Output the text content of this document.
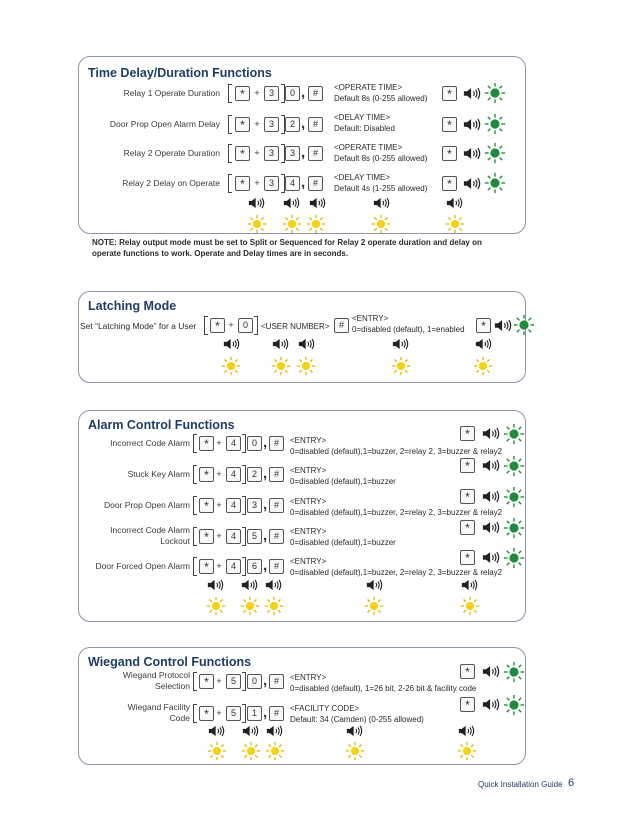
Time Delay/Duration Functions
Relay 1 Operate Duration	*	+	3	0 , #
<OPERATE TIME>
Default 8s (0-255 allowed)	*
Door Prop Open Alarm Delay	*	+	3	2 , #
<DELAY TIME>
Default: Disabled	*
Relay 2 Operate Duration	*	+	3	3 , #
<OPERATE TIME>
Default 8s (0-255 allowed)	*
Relay 2 Delay on Operate	*	+	3	4 , #
<DELAY TIME>
Default 4s (1-255 allowed)	*
NOTE: Relay output mode must be set to Split or Sequenced for Relay 2 operate duration and delay on
operate functions to work. Operate and Delay times are in seconds.
Latching Mode
Set “Latching Mode” for a User	* +	0	<USER NUMBER>	#
<ENTRY>
0=disabled (default), 1=enabled	*
Alarm Control Functions
Incorrect Code Alarm	* +	4	0 , #	<ENTRY>
0=disabled (default),1=buzzer, 2=relay 2, 3=buzzer & relay2
*
Stuck Key Alarm	* +	4	2 , #	<ENTRY>
0=disabled (default),1=buzzer
*
Door Prop Open Alarm	* +	4	3 , #	<ENTRY>
0=disabled (default),1=buzzer, 2=relay 2, 3=buzzer & relay2
*
Incorrect Code Alarm
Lockout	* +	4	5 , #	<ENTRY>
0=disabled (default),1=buzzer
*
Door Forced Open Alarm	* +	4	6 , #	<ENTRY>
0=disabled (default),1=buzzer, 2=relay 2, 3=buzzer & relay2
*
Wiegand Control Functions
Wiegand Protocol
Selection	* +	5	0 , #	<ENTRY>
0=disabled (default), 1=26 bit, 2-26 bit & facility code
*
Wiegand Facility
Code	* +	5	1 , #	<FACILITY CODE>
Default: 34 (Camden) (0-255 allowed)
*
Quick Installation Guide 6
